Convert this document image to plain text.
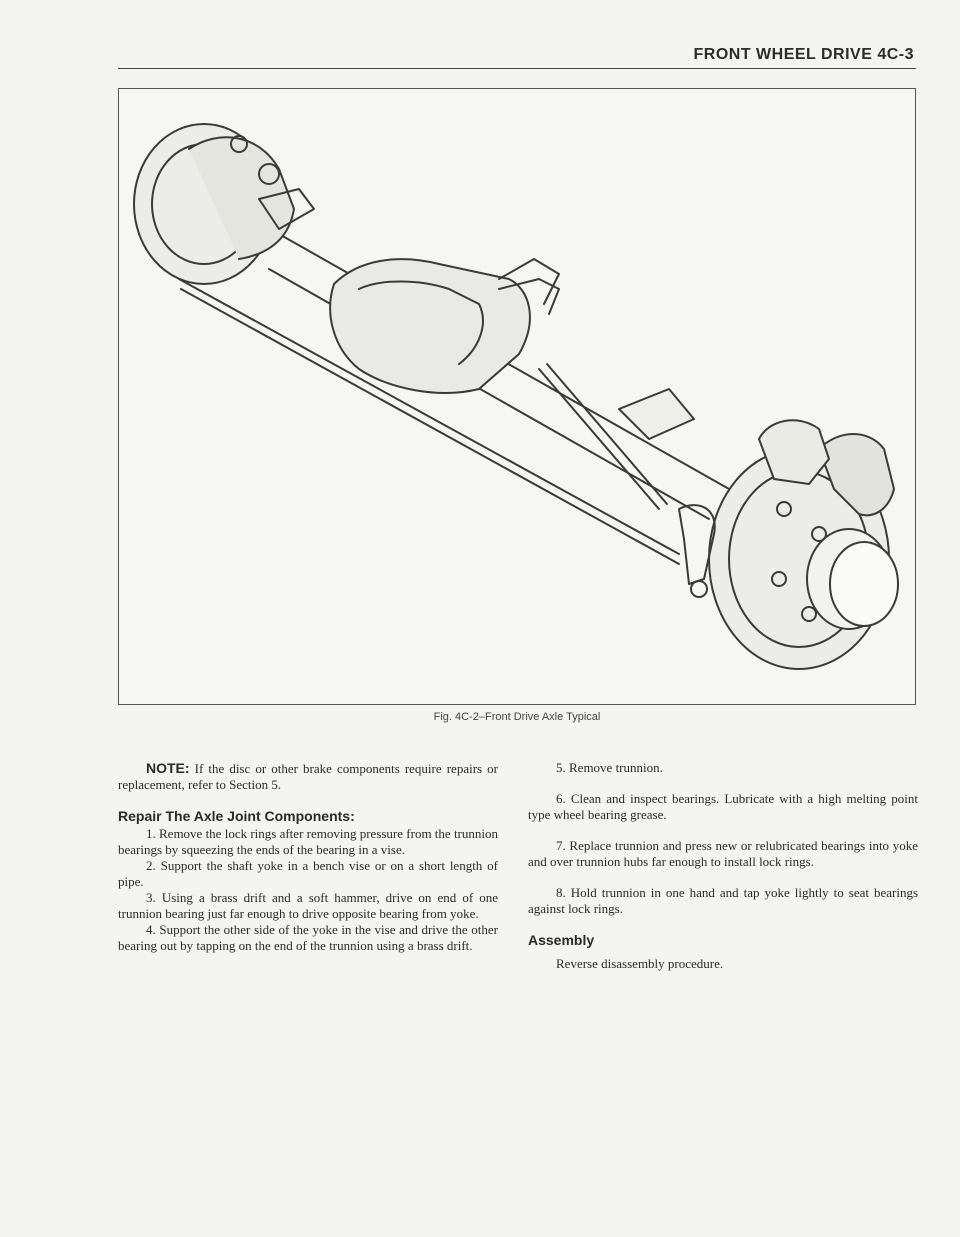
FRONT WHEEL DRIVE 4C-3
Fig. 4C-2–Front Drive Axle Typical

NOTE: If the disc or other brake components require repairs or replacement, refer to Section 5.

Repair The Axle Joint Components:

1. Remove the lock rings after removing pressure from the trunnion bearings by squeezing the ends of the bearing in a vise.

2. Support the shaft yoke in a bench vise or on a short length of pipe.

3. Using a brass drift and a soft hammer, drive on end of one trunnion bearing just far enough to drive opposite bearing from yoke.

4. Support the other side of the yoke in the vise and drive the other bearing out by tapping on the end of the trunnion using a brass drift.

5. Remove trunnion.

6. Clean and inspect bearings. Lubricate with a high melting point type wheel bearing grease.

7. Replace trunnion and press new or relubricated bearings into yoke and over trunnion hubs far enough to install lock rings.

8. Hold trunnion in one hand and tap yoke lightly to seat bearings against lock rings.

Assembly

Reverse disassembly procedure.
